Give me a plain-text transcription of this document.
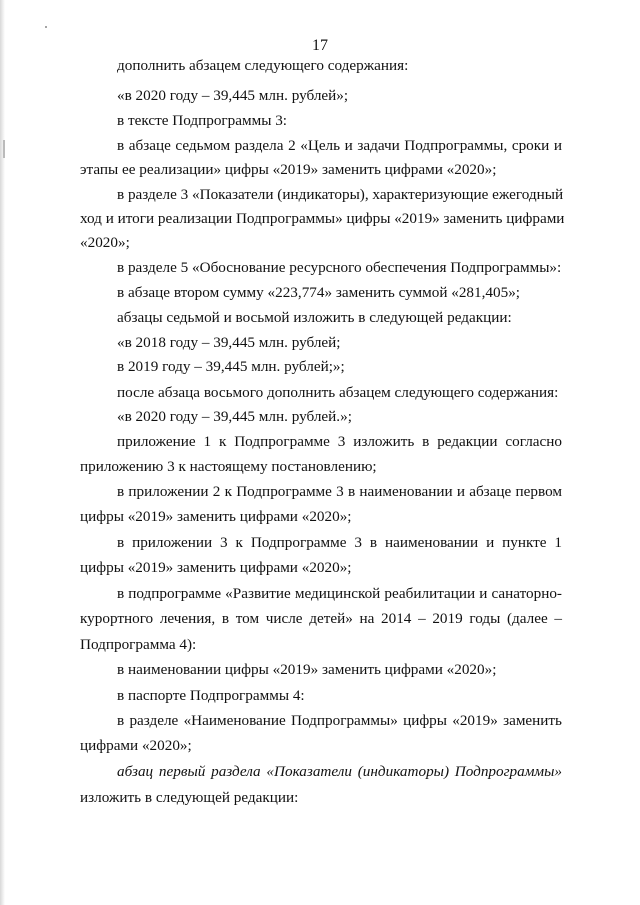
17
дополнить абзацем следующего содержания:
«в 2020 году – 39,445 млн. рублей»;
в тексте Подпрограммы 3:
в абзаце седьмом раздела 2 «Цель и задачи Подпрограммы, сроки и
этапы ее реализации» цифры «2019» заменить цифрами «2020»;
в разделе 3 «Показатели (индикаторы), характеризующие ежегодный
ход и итоги реализации Подпрограммы» цифры «2019» заменить цифрами
«2020»;
в разделе 5 «Обоснование ресурсного обеспечения Подпрограммы»:
в абзаце втором сумму «223,774» заменить суммой «281,405»;
абзацы седьмой и восьмой изложить в следующей редакции:
«в 2018 году – 39,445 млн. рублей;
в 2019 году – 39,445 млн. рублей;»;
после абзаца восьмого дополнить абзацем следующего содержания:
«в 2020 году – 39,445 млн. рублей.»;
приложение 1 к Подпрограмме 3 изложить в редакции согласно
приложению 3 к настоящему постановлению;
в приложении 2 к Подпрограмме 3 в наименовании и абзаце первом
цифры «2019» заменить цифрами «2020»;
в приложении 3 к Подпрограмме 3 в наименовании и пункте 1
цифры «2019» заменить цифрами «2020»;
в подпрограмме «Развитие медицинской реабилитации и санаторно-
курортного лечения, в том числе детей» на 2014 – 2019 годы (далее –
Подпрограмма 4):
в наименовании цифры «2019» заменить цифрами «2020»;
в паспорте Подпрограммы 4:
в разделе «Наименование Подпрограммы» цифры «2019» заменить
цифрами «2020»;
абзац первый раздела «Показатели (индикаторы) Подпрограммы»
изложить в следующей редакции:
